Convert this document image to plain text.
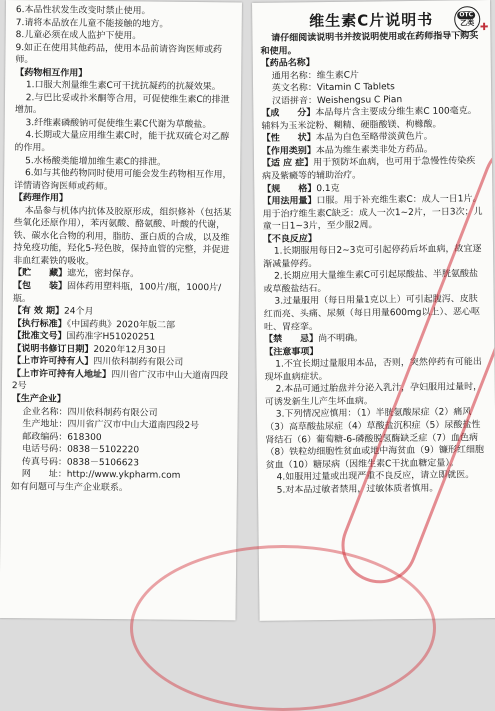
6.本品性状发生改变时禁止使用。

7.请将本品放在儿童不能接触的地方。

8.儿童必须在成人监护下使用。

9.如正在使用其他药品，使用本品前请咨询医师或药师。

【药物相互作用】

1.口服大剂量维生素C可干扰抗凝药的抗凝效果。

2.与巴比妥或扑米酮等合用，可促使维生素C的排泄增加。

3.纤维素磷酸钠可促使维生素C代谢为草酸盐。

4.长期或大量应用维生素C时，能干扰双硫仑对乙醇的作用。

5.水杨酸类能增加维生素C的排泄。

6.如与其他药物同时使用可能会发生药物相互作用，详情请咨询医师或药师。

【药理作用】

本品参与机体内抗体及胶原形成，组织修补（包括某些氧化还原作用），苯丙氨酸、酪氨酸、叶酸的代谢，铁、碳水化合物的利用，脂肪、蛋白质的合成，以及维持免疫功能，羟化5-羟色胺，保持血管的完整，并促进非血红素铁的吸收。

【贮　　藏】遮光，密封保存。

【包　　装】固体药用塑料瓶，100片/瓶，1000片/瓶。

【有 效 期】24个月

【执行标准】《中国药典》2020年版二部

【批准文号】国药准字H51020251

【说明书修订日期】2020年12月30日

【上市许可持有人】四川依科制药有限公司

【上市许可持有人地址】四川省广汉市中山大道南四段2号

【生产企业】

企业名称：四川依科制药有限公司

生产地址：四川省广汉市中山大道南四段2号

邮政编码：618300

电话号码：0838－5102220

传真号码：0838－5106623

网　　址：http://www.ykpharm.com

如有问题可与生产企业联系。

维生素C片说明书	OTC
乙类

请仔细阅读说明书并按说明使用或在药师指导下购买和使用。

【药品名称】

通用名称：维生素C片

英文名称：Vitamin C Tablets

汉语拼音：Weishengsu C Pian

【成　　分】本品每片含主要成分维生素C 100毫克。辅料为玉米淀粉、糊精、硬脂酸镁、枸橼酸。

【性　　状】本品为白色至略带淡黄色片。

【作用类别】本品为维生素类非处方药品。

【适 应 症】用于预防坏血病，也可用于急慢性传染疾病及紫癜等的辅助治疗。

【规　　格】0.1克

【用法用量】口服。用于补充维生素C：成人一日1片。用于治疗维生素C缺乏：成人一次1~2片，一日3次；儿童一日1~3片，至少服2周。

【不良反应】

1.长期服用每日2~3克可引起停药后坏血病，故宜逐渐减量停药。

2.长期应用大量维生素C可引起尿酸盐、半胱氨酸盐或草酸盐结石。

3.过量服用（每日用量1克以上）可引起腹泻、皮肤红而亮、头痛、尿频（每日用量600mg以上）、恶心呕吐、胃痉挛。

【禁　　忌】尚不明确。

【注意事项】

1.不宜长期过量服用本品，否则，突然停药有可能出现坏血病症状。

2.本品可通过胎盘并分泌入乳汁，孕妇服用过量时，可诱发新生儿产生坏血病。

3.下列情况应慎用：（1）半胱氨酸尿症（2）痛风（3）高草酸盐尿症（4）草酸盐沉积症（5）尿酸盐性肾结石（6）葡萄糖-6-磷酸脱氢酶缺乏症（7）血色病（8）铁粒幼细胞性贫血或地中海贫血（9）镰形红细胞贫血（10）糖尿病（因维生素C干扰血糖定量）。

4.如服用过量或出现严重不良反应，请立即就医。

5.对本品过敏者禁用，过敏体质者慎用。

✚
